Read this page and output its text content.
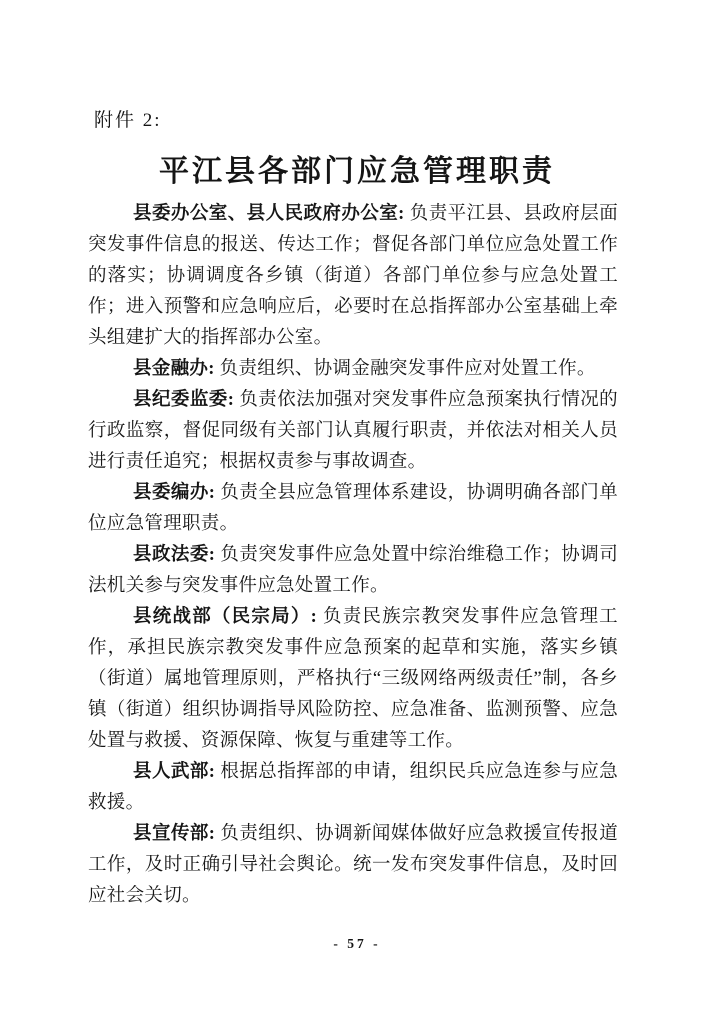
附件 2:
平江县各部门应急管理职责

县委办公室、县人民政府办公室: 负责平江县、县政府层面突发事件信息的报送、传达工作；督促各部门单位应急处置工作的落实；协调调度各乡镇（街道）各部门单位参与应急处置工作；进入预警和应急响应后，必要时在总指挥部办公室基础上牵头组建扩大的指挥部办公室。

县金融办: 负责组织、协调金融突发事件应对处置工作。

县纪委监委: 负责依法加强对突发事件应急预案执行情况的行政监察，督促同级有关部门认真履行职责，并依法对相关人员进行责任追究；根据权责参与事故调查。

县委编办: 负责全县应急管理体系建设，协调明确各部门单位应急管理职责。

县政法委: 负责突发事件应急处置中综治维稳工作；协调司法机关参与突发事件应急处置工作。

县统战部（民宗局）: 负责民族宗教突发事件应急管理工作，承担民族宗教突发事件应急预案的起草和实施，落实乡镇（街道）属地管理原则，严格执行“三级网络两级责任”制，各乡镇（街道）组织协调指导风险防控、应急准备、监测预警、应急处置与救援、资源保障、恢复与重建等工作。

县人武部: 根据总指挥部的申请，组织民兵应急连参与应急救援。

县宣传部: 负责组织、协调新闻媒体做好应急救援宣传报道工作，及时正确引导社会舆论。统一发布突发事件信息，及时回应社会关切。

- 57 -
